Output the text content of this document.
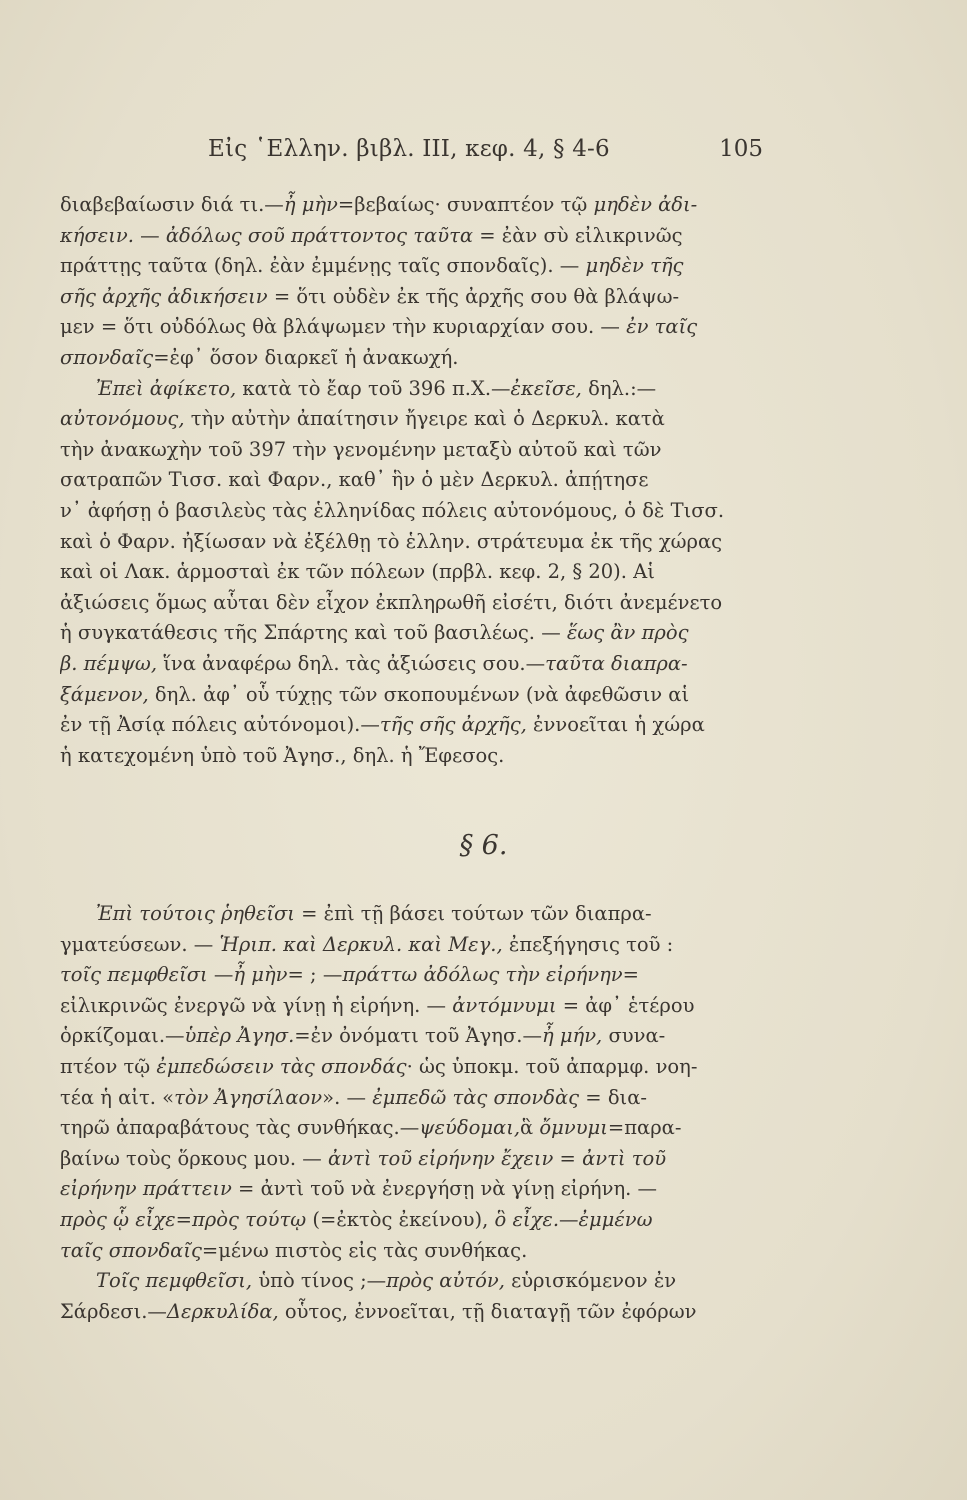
Εἰς ῾Ελλην. βιβλ. III, κεφ. 4, § 4-6	105
διαβεβαίωσιν διά τι.—ἦ μὴν=βεβαίως· συναπτέον τῷ μηδὲν ἀδι-
κήσειν. — ἀδόλως σοῦ πράττοντος ταῦτα = ἐὰν σὺ εἰλικρινῶς
πράττῃς ταῦτα (δηλ. ἐὰν ἐμμένῃς ταῖς σπονδαῖς). — μηδὲν τῆς
σῆς ἀρχῆς ἀδικήσειν = ὅτι οὐδὲν ἐκ τῆς ἀρχῆς σου θὰ βλάψω-
μεν = ὅτι οὐδόλως θὰ βλάψωμεν τὴν κυριαρχίαν σου. — ἐν ταῖς
σπονδαῖς=ἐφ᾽ ὅσον διαρκεῖ ἡ ἀνακωχή.
Ἐπεὶ ἀφίκετο, κατὰ τὸ ἔαρ τοῦ 396 π.Χ.—ἐκεῖσε, δηλ.:—
αὐτονόμους, τὴν αὐτὴν ἀπαίτησιν ἤγειρε καὶ ὁ Δερκυλ. κατὰ
τὴν ἀνακωχὴν τοῦ 397 τὴν γενομένην μεταξὺ αὐτοῦ καὶ τῶν
σατραπῶν Τισσ. καὶ Φαρν., καθ᾽ ἣν ὁ μὲν Δερκυλ. ἀπῄτησε
ν᾽ ἀφήσῃ ὁ βασιλεὺς τὰς ἑλληνίδας πόλεις αὐτονόμους, ὁ δὲ Τισσ.
καὶ ὁ Φαρν. ἠξίωσαν νὰ ἐξέλθῃ τὸ ἑλλην. στράτευμα ἐκ τῆς χώρας
καὶ οἱ Λακ. ἁρμοσταὶ ἐκ τῶν πόλεων (πρβλ. κεφ. 2, § 20). Αἱ
ἀξιώσεις ὅμως αὗται δὲν εἶχον ἐκπληρωθῆ εἰσέτι, διότι ἀνεμένετο
ἡ συγκατάθεσις τῆς Σπάρτης καὶ τοῦ βασιλέως. — ἕως ἂν πρὸς
β. πέμψω, ἵνα ἀναφέρω δηλ. τὰς ἀξιώσεις σου.—ταῦτα διαπρα-
ξάμενον, δηλ. ἀφ᾽ οὗ τύχῃς τῶν σκοπουμένων (νὰ ἀφεθῶσιν αἱ
ἐν τῇ Ἀσίᾳ πόλεις αὐτόνομοι).—τῆς σῆς ἀρχῆς, ἐννοεῖται ἡ χώρα
ἡ κατεχομένη ὑπὸ τοῦ Ἀγησ., δηλ. ἡ Ἔφεσος.
§ 6.
Ἐπὶ τούτοις ῥηθεῖσι = ἐπὶ τῇ βάσει τούτων τῶν διαπρα-
γματεύσεων. — Ἡριπ. καὶ Δερκυλ. καὶ Μεγ., ἐπεξήγησις τοῦ :
τοῖς πεμφθεῖσι —ἦ μὴν= ; —πράττω ἀδόλως τὴν εἰρήνην=
εἰλικρινῶς ἐνεργῶ νὰ γίνῃ ἡ εἰρήνη. — ἀντόμνυμι = ἀφ᾽ ἑτέρου
ὁρκίζομαι.—ὑπὲρ Ἀγησ.=ἐν ὀνόματι τοῦ Ἀγησ.—ἦ μήν, συνα-
πτέον τῷ ἐμπεδώσειν τὰς σπονδάς· ὡς ὑποκμ. τοῦ ἀπαρμφ. νοη-
τέα ἡ αἰτ. «τὸν Ἀγησίλαον». — ἐμπεδῶ τὰς σπονδὰς = δια-
τηρῶ ἀπαραβάτους τὰς συνθήκας.—ψεύδομαι,ἃ ὄμνυμι=παρα-
βαίνω τοὺς ὅρκους μου. — ἀντὶ τοῦ εἰρήνην ἔχειν = ἀντὶ τοῦ
εἰρήνην πράττειν = ἀντὶ τοῦ νὰ ἐνεργήσῃ νὰ γίνῃ εἰρήνη. —
πρὸς ᾧ εἶχε=πρὸς τούτῳ (=ἐκτὸς ἐκείνου), ὃ εἶχε.—ἐμμένω
ταῖς σπονδαῖς=μένω πιστὸς εἰς τὰς συνθήκας.
Τοῖς πεμφθεῖσι, ὑπὸ τίνος ;—πρὸς αὐτόν, εὑρισκόμενον ἐν
Σάρδεσι.—Δερκυλίδα, οὗτος, ἐννοεῖται, τῇ διαταγῇ τῶν ἐφόρων
